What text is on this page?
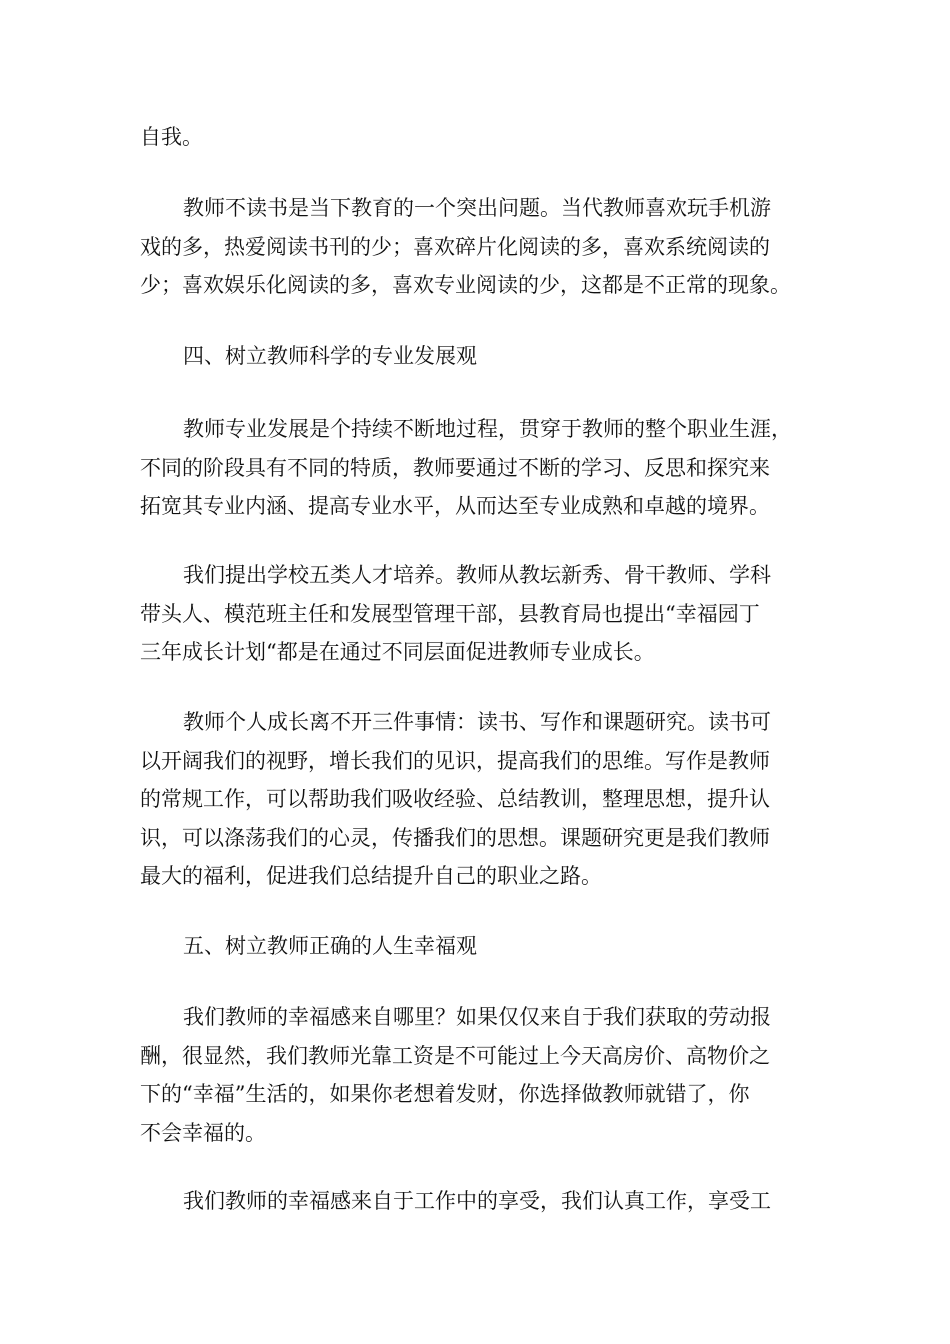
自我。
教师不读书是当下教育的一个突出问题。当代教师喜欢玩手机游
戏的多，热爱阅读书刊的少；喜欢碎片化阅读的多，喜欢系统阅读的
少；喜欢娱乐化阅读的多，喜欢专业阅读的少，这都是不正常的现象。
四、树立教师科学的专业发展观
教师专业发展是个持续不断地过程，贯穿于教师的整个职业生涯，
不同的阶段具有不同的特质，教师要通过不断的学习、反思和探究来
拓宽其专业内涵、提高专业水平，从而达至专业成熟和卓越的境界。
我们提出学校五类人才培养。教师从教坛新秀、骨干教师、学科
带头人、模范班主任和发展型管理干部，县教育局也提出“幸福园丁
三年成长计划“都是在通过不同层面促进教师专业成长。
教师个人成长离不开三件事情：读书、写作和课题研究。读书可
以开阔我们的视野，增长我们的见识，提高我们的思维。写作是教师
的常规工作，可以帮助我们吸收经验、总结教训，整理思想，提升认
识，可以涤荡我们的心灵，传播我们的思想。课题研究更是我们教师
最大的福利，促进我们总结提升自己的职业之路。
五、树立教师正确的人生幸福观
我们教师的幸福感来自哪里？如果仅仅来自于我们获取的劳动报
酬，很显然，我们教师光靠工资是不可能过上今天高房价、高物价之
下的“幸福”生活的，如果你老想着发财，你选择做教师就错了，你
不会幸福的。
我们教师的幸福感来自于工作中的享受，我们认真工作，享受工
